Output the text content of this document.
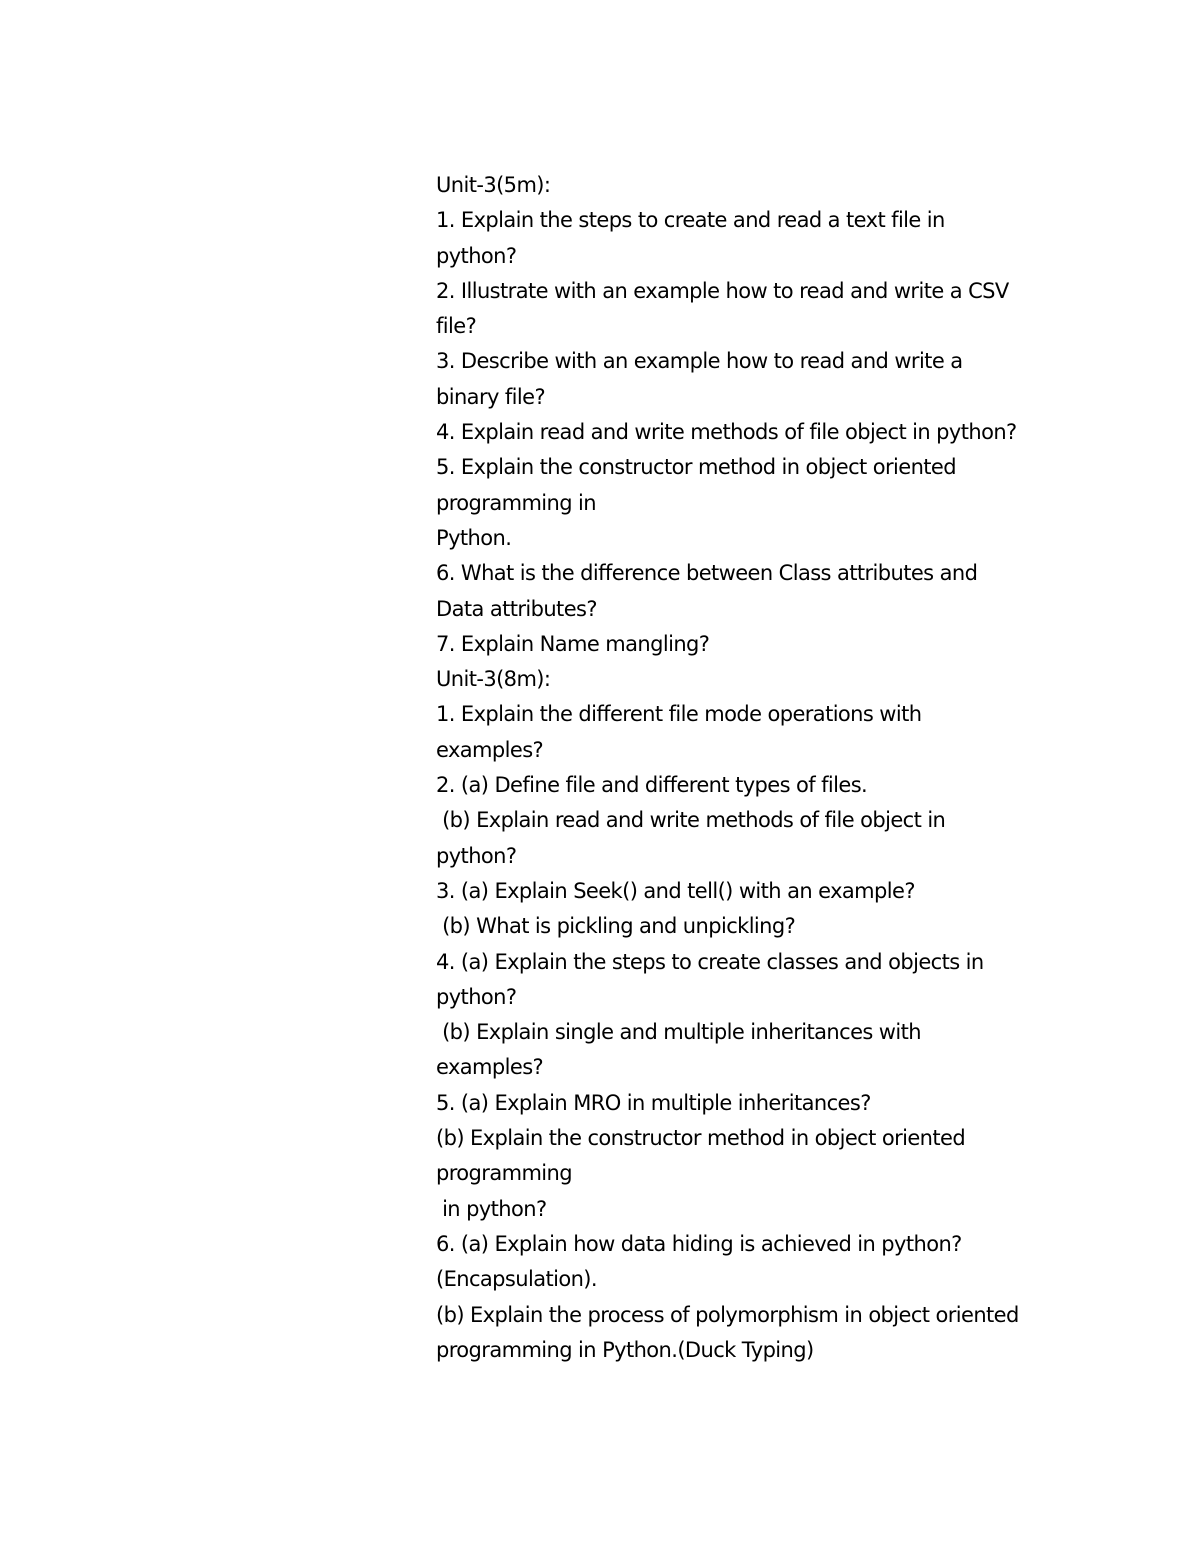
Unit-3(5m):
1. Explain the steps to create and read a text file in
python?
2. Illustrate with an example how to read and write a CSV
file?
3. Describe with an example how to read and write a
binary file?
4. Explain read and write methods of file object in python?
5. Explain the constructor method in object oriented
programming in
Python.
6. What is the difference between Class attributes and
Data attributes?
7. Explain Name mangling?
Unit-3(8m):
1. Explain the different file mode operations with
examples?
2. (a) Define file and different types of files.
(b) Explain read and write methods of file object in
python?
3. (a) Explain Seek() and tell() with an example?
(b) What is pickling and unpickling?
4. (a) Explain the steps to create classes and objects in
python?
(b) Explain single and multiple inheritances with
examples?
5. (a) Explain MRO in multiple inheritances?
(b) Explain the constructor method in object oriented
programming
in python?
6. (a) Explain how data hiding is achieved in python?
(Encapsulation).
(b) Explain the process of polymorphism in object oriented
programming in Python.(Duck Typing)
